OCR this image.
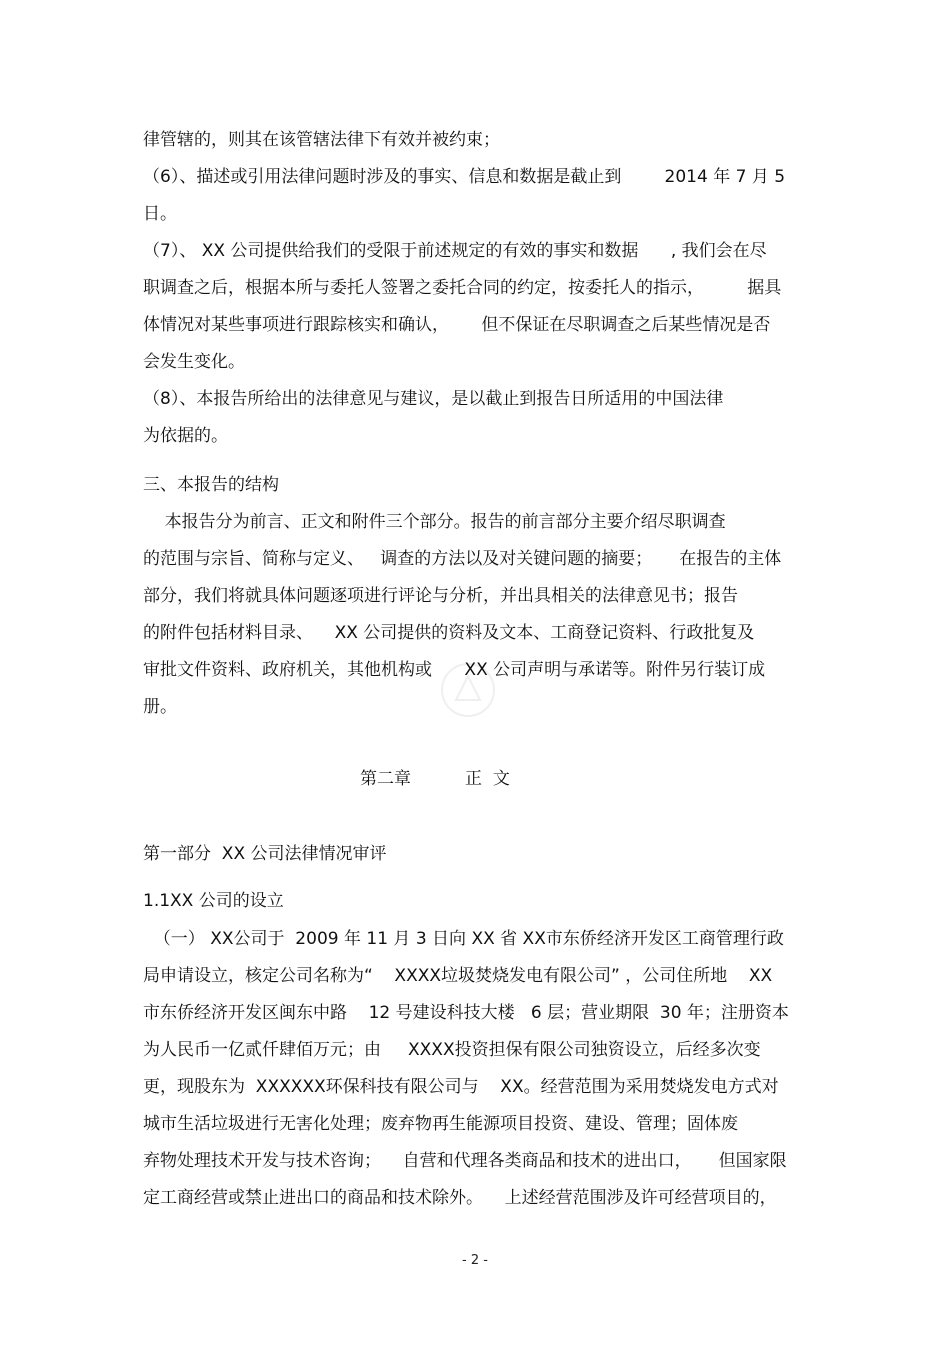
律管辖的，则其在该管辖法律下有效并被约束；
（6）、描述或引用法律问题时涉及的事实、信息和数据是截止到        2014 年 7 月 5
日。
（7）、 XX 公司提供给我们的受限于前述规定的有效的事实和数据      , 我们会在尽
职调查之后，根据本所与委托人签署之委托合同的约定，按委托人的指示，        据具
体情况对某些事项进行跟踪核实和确认，      但不保证在尽职调查之后某些情况是否
会发生变化。
（8）、本报告所给出的法律意见与建议，是以截止到报告日所适用的中国法律
为依据的。
三、本报告的结构
本报告分为前言、正文和附件三个部分。报告的前言部分主要介绍尽职调查
的范围与宗旨、简称与定义、   调查的方法以及对关键问题的摘要；     在报告的主体
部分，我们将就具体问题逐项进行评论与分析，并出具相关的法律意见书；报告
的附件包括材料目录、    XX 公司提供的资料及文本、工商登记资料、行政批复及
审批文件资料、政府机关，其他机构或      XX 公司声明与承诺等。附件另行装订成
册。
第二章          正  文
第一部分  XX 公司法律情况审评
1.1XX 公司的设立
（一） XX公司于  2009 年 11 月 3 日向 XX 省 XX市东侨经济开发区工商管理行政
局申请设立，核定公司名称为“    XXXX垃圾焚烧发电有限公司” ，公司住所地    XX
市东侨经济开发区闽东中路    12 号建设科技大楼   6 层；营业期限  30 年；注册资本
为人民币一亿贰仟肆佰万元；由     XXXX投资担保有限公司独资设立，后经多次变
更，现股东为  XXXXXX环保科技有限公司与    XX。经营范围为采用焚烧发电方式对
城市生活垃圾进行无害化处理；废弃物再生能源项目投资、建设、管理；固体废
弃物处理技术开发与技术咨询；    自营和代理各类商品和技术的进出口，     但国家限
定工商经营或禁止进出口的商品和技术除外。    上述经营范围涉及许可经营项目的，
- 2 -
